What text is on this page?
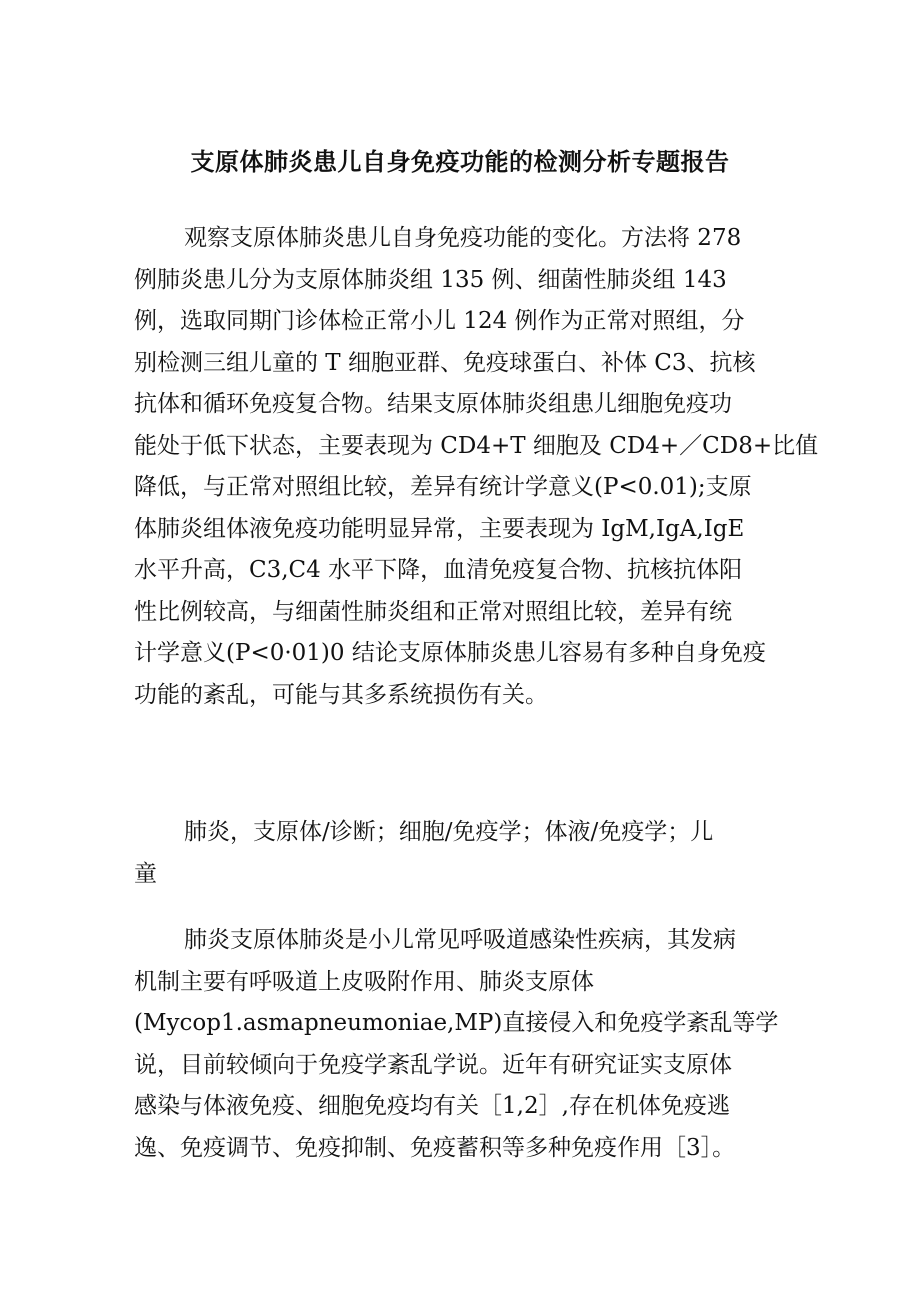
支原体肺炎患儿自身免疫功能的检测分析专题报告
观察支原体肺炎患儿自身免疫功能的变化。方法将 278
例肺炎患儿分为支原体肺炎组 135 例、细菌性肺炎组 143
例，选取同期门诊体检正常小儿 124 例作为正常对照组，分
别检测三组儿童的 T 细胞亚群、免疫球蛋白、补体 C3、抗核
抗体和循环免疫复合物。结果支原体肺炎组患儿细胞免疫功
能处于低下状态，主要表现为 CD4+T 细胞及 CD4+／CD8+比值
降低，与正常对照组比较，差异有统计学意义(P<0.01);支原
体肺炎组体液免疫功能明显异常，主要表现为 IgM,IgA,IgE
水平升高，C3,C4 水平下降，血清免疫复合物、抗核抗体阳
性比例较高，与细菌性肺炎组和正常对照组比较，差异有统
计学意义(P<0·01)0 结论支原体肺炎患儿容易有多种自身免疫
功能的紊乱，可能与其多系统损伤有关。
肺炎，支原体/诊断；细胞/免疫学；体液/免疫学；儿
童
肺炎支原体肺炎是小儿常见呼吸道感染性疾病，其发病
机制主要有呼吸道上皮吸附作用、肺炎支原体
(Mycop1.asmapneumoniae,MP)直接侵入和免疫学紊乱等学
说，目前较倾向于免疫学紊乱学说。近年有研究证实支原体
感染与体液免疫、细胞免疫均有关［1,2］,存在机体免疫逃
逸、免疫调节、免疫抑制、免疫蓄积等多种免疫作用［3］。
